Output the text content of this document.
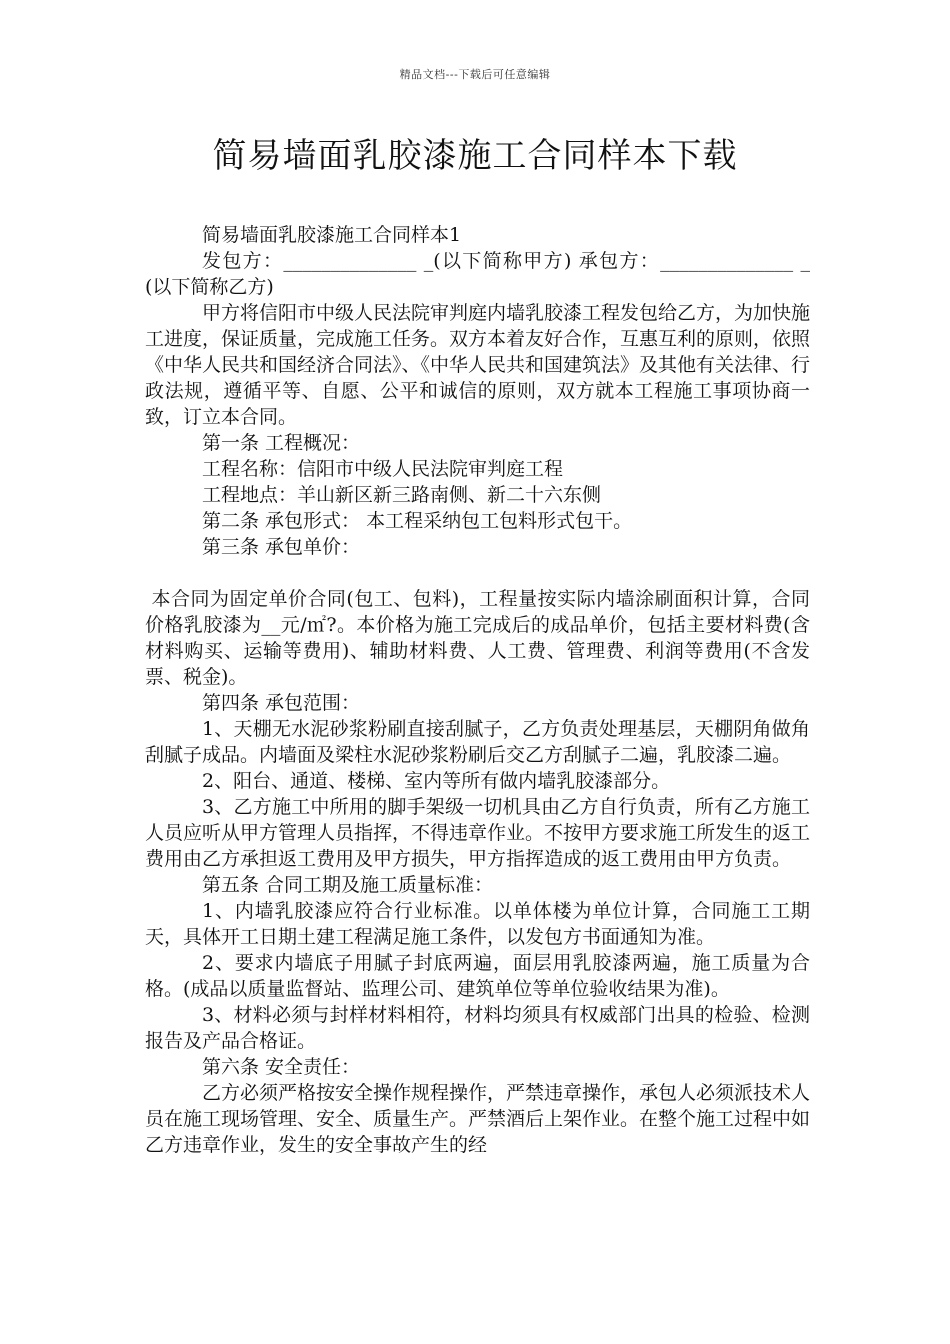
精品文档---下载后可任意编辑
简易墙面乳胶漆施工合同样本下载

简易墙面乳胶漆施工合同样本1

发包方：______________ _(以下简称甲方) 承包方：______________ _(以下简称乙方)

甲方将信阳市中级人民法院审判庭内墙乳胶漆工程发包给乙方，为加快施工进度，保证质量，完成施工任务。双方本着友好合作，互惠互利的原则，依照《中华人民共和国经济合同法》、《中华人民共和国建筑法》及其他有关法律、行政法规，遵循平等、自愿、公平和诚信的原则，双方就本工程施工事项协商一致，订立本合同。

第一条 工程概况：

工程名称：信阳市中级人民法院审判庭工程

工程地点：羊山新区新三路南侧、新二十六东侧

第二条 承包形式： 本工程采纳包工包料形式包干。

第三条 承包单价：

本合同为固定单价合同(包工、包料)，工程量按实际内墙涂刷面积计算，合同价格乳胶漆为__元/㎡?。本价格为施工完成后的成品单价，包括主要材料费(含材料购买、运输等费用)、辅助材料费、人工费、管理费、利润等费用(不含发票、税金)。

第四条 承包范围：

1、天棚无水泥砂浆粉刷直接刮腻子，乙方负责处理基层，天棚阴角做角刮腻子成品。内墙面及梁柱水泥砂浆粉刷后交乙方刮腻子二遍，乳胶漆二遍。

2、阳台、通道、楼梯、室内等所有做内墙乳胶漆部分。

3、乙方施工中所用的脚手架级一切机具由乙方自行负责，所有乙方施工人员应听从甲方管理人员指挥，不得违章作业。不按甲方要求施工所发生的返工费用由乙方承担返工费用及甲方损失，甲方指挥造成的返工费用由甲方负责。

第五条 合同工期及施工质量标准：

1、内墙乳胶漆应符合行业标准。以单体楼为单位计算，合同施工工期 天，具体开工日期土建工程满足施工条件，以发包方书面通知为准。

2、要求内墙底子用腻子封底两遍，面层用乳胶漆两遍，施工质量为合格。(成品以质量监督站、监理公司、建筑单位等单位验收结果为准)。

3、材料必须与封样材料相符，材料均须具有权威部门出具的检验、检测报告及产品合格证。

第六条 安全责任：

乙方必须严格按安全操作规程操作，严禁违章操作，承包人必须派技术人员在施工现场管理、安全、质量生产。严禁酒后上架作业。在整个施工过程中如乙方违章作业，发生的安全事故产生的经
